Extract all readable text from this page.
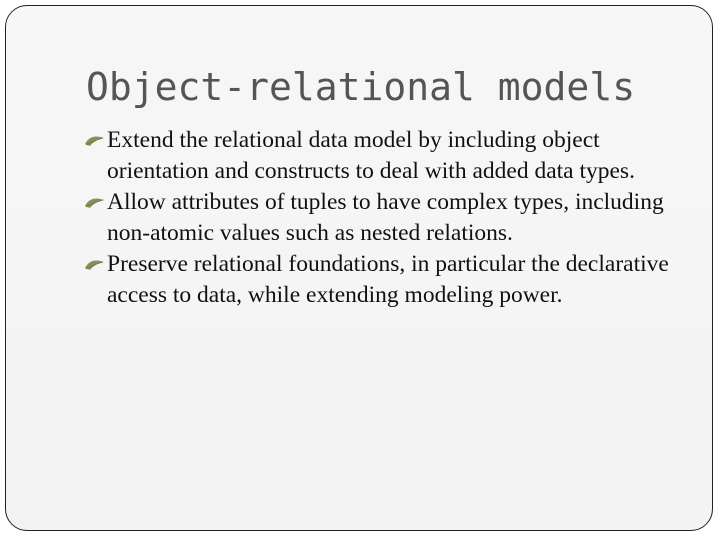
Object-relational models
Extend the relational data model by including object orientation and constructs to deal with added data types.
Allow attributes of tuples to have complex types, including non-atomic values such as nested relations.
Preserve relational foundations, in particular the declarative access to data, while extending modeling power.
